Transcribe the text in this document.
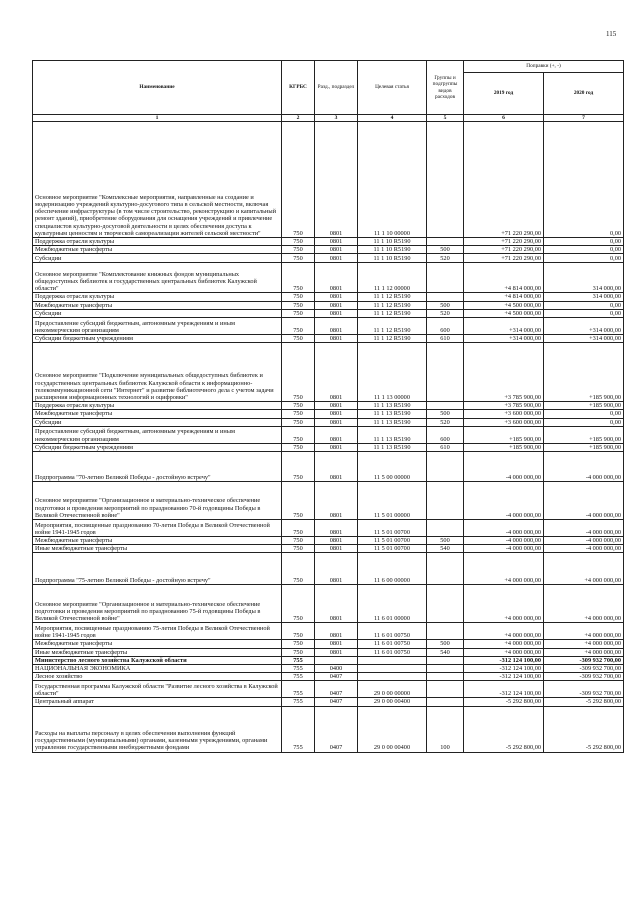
115
Наименование	КГРБС	Разд., подраздел	Целевая статья	Группы и подгруппы видов расходов	Поправки (+, -)	
					2019 год	2020 год
1	2	3	4	5	6	7
Основное мероприятие "Комплексные мероприятия, направленные на создание и модернизацию учреждений культурно-досугового типа в сельской местности, включая обеспечение инфраструктуры (в том числе строительство, реконструкцию и капитальный ремонт зданий), приобретение оборудования для оснащения учреждений и привлечение специалистов культурно-досуговой деятельности в целях обеспечения доступа к культурным ценностям и творческой самореализации жителей сельской местности"	750	0801	11 1 10 00000		+71 220 290,00	0,00
Поддержка отрасли культуры	750	0801	11 1 10 R5190		+71 220 290,00	0,00
Межбюджетные трансферты	750	0801	11 1 10 R5190	500	+71 220 290,00	0,00
Субсидии	750	0801	11 1 10 R5190	520	+71 220 290,00	0,00
Основное мероприятие "Комплектование книжных фондов муниципальных общедоступных библиотек и государственных центральных библиотек Калужской области"	750	0801	11 1 12 00000		+4 814 000,00	314 000,00
Поддержка отрасли культуры	750	0801	11 1 12 R5190		+4 814 000,00	314 000,00
Межбюджетные трансферты	750	0801	11 1 12 R5190	500	+4 500 000,00	0,00
Субсидии	750	0801	11 1 12 R5190	520	+4 500 000,00	0,00
Предоставление субсидий бюджетным, автономным учреждениям и иным некоммерческим организациям	750	0801	11 1 12 R5190	600	+314 000,00	+314 000,00
Субсидии бюджетным учреждениям	750	0801	11 1 12 R5190	610	+314 000,00	+314 000,00
Основное мероприятие "Подключение муниципальных общедоступных библиотек и государственных центральных библиотек Калужской области к информационно-телекоммуникационной сети "Интернет" и развитие библиотечного дела с учетом задачи расширения информационных технологий и оцифровки"	750	0801	11 1 13 00000		+3 785 900,00	+185 900,00
Поддержка отрасли культуры	750	0801	11 1 13 R5190		+3 785 900,00	+185 900,00
Межбюджетные трансферты	750	0801	11 1 13 R5190	500	+3 600 000,00	0,00
Субсидии	750	0801	11 1 13 R5190	520	+3 600 000,00	0,00
Предоставление субсидий бюджетным, автономным учреждениям и иным некоммерческим организациям	750	0801	11 1 13 R5190	600	+185 900,00	+185 900,00
Субсидии бюджетным учреждениям	750	0801	11 1 13 R5190	610	+185 900,00	+185 900,00
Подпрограмма "70-летию Великой Победы - достойную встречу"	750	0801	11 5 00 00000		-4 000 000,00	-4 000 000,00
Основное мероприятие "Организационное и материально-техническое обеспечение подготовки и проведения мероприятий по празднованию 70-й годовщины Победы в Великой Отечественной войне"	750	0801	11 5 01 00000		-4 000 000,00	-4 000 000,00
Мероприятия, посвященные празднованию 70-летия Победы в Великой Отечественной войне 1941-1945 годов	750	0801	11 5 01 00700		-4 000 000,00	-4 000 000,00
Межбюджетные трансферты	750	0801	11 5 01 00700	500	-4 000 000,00	-4 000 000,00
Иные межбюджетные трансферты	750	0801	11 5 01 00700	540	-4 000 000,00	-4 000 000,00
Подпрограмма "75-летию Великой Победы - достойную встречу"	750	0801	11 6 00 00000		+4 000 000,00	+4 000 000,00
Основное мероприятие "Организационное и материально-техническое обеспечение подготовки и проведения мероприятий по празднованию 75-й годовщины Победы в Великой Отечественной войне"	750	0801	11 6 01 00000		+4 000 000,00	+4 000 000,00
Мероприятия, посвященные празднованию 75-летия Победы в Великой Отечественной войне 1941-1945 годов	750	0801	11 6 01 00750		+4 000 000,00	+4 000 000,00
Межбюджетные трансферты	750	0801	11 6 01 00750	500	+4 000 000,00	+4 000 000,00
Иные межбюджетные трансферты	750	0801	11 6 01 00750	540	+4 000 000,00	+4 000 000,00
Министерство лесного хозяйства Калужской области	755				-312 124 100,00	-309 932 700,00
НАЦИОНАЛЬНАЯ ЭКОНОМИКА	755	0400			-312 124 100,00	-309 932 700,00
Лесное хозяйство	755	0407			-312 124 100,00	-309 932 700,00
Государственная программа Калужской области "Развитие лесного хозяйства в Калужской области"	755	0407	29 0 00 00000		-312 124 100,00	-309 932 700,00
Центральный аппарат	755	0407	29 0 00 00400		-5 292 800,00	-5 292 800,00
Расходы на выплаты персоналу в целях обеспечения выполнения функций государственными (муниципальными) органами, казенными учреждениями, органами управления государственными внебюджетными фондами	755	0407	29 0 00 00400	100	-5 292 800,00	-5 292 800,00
